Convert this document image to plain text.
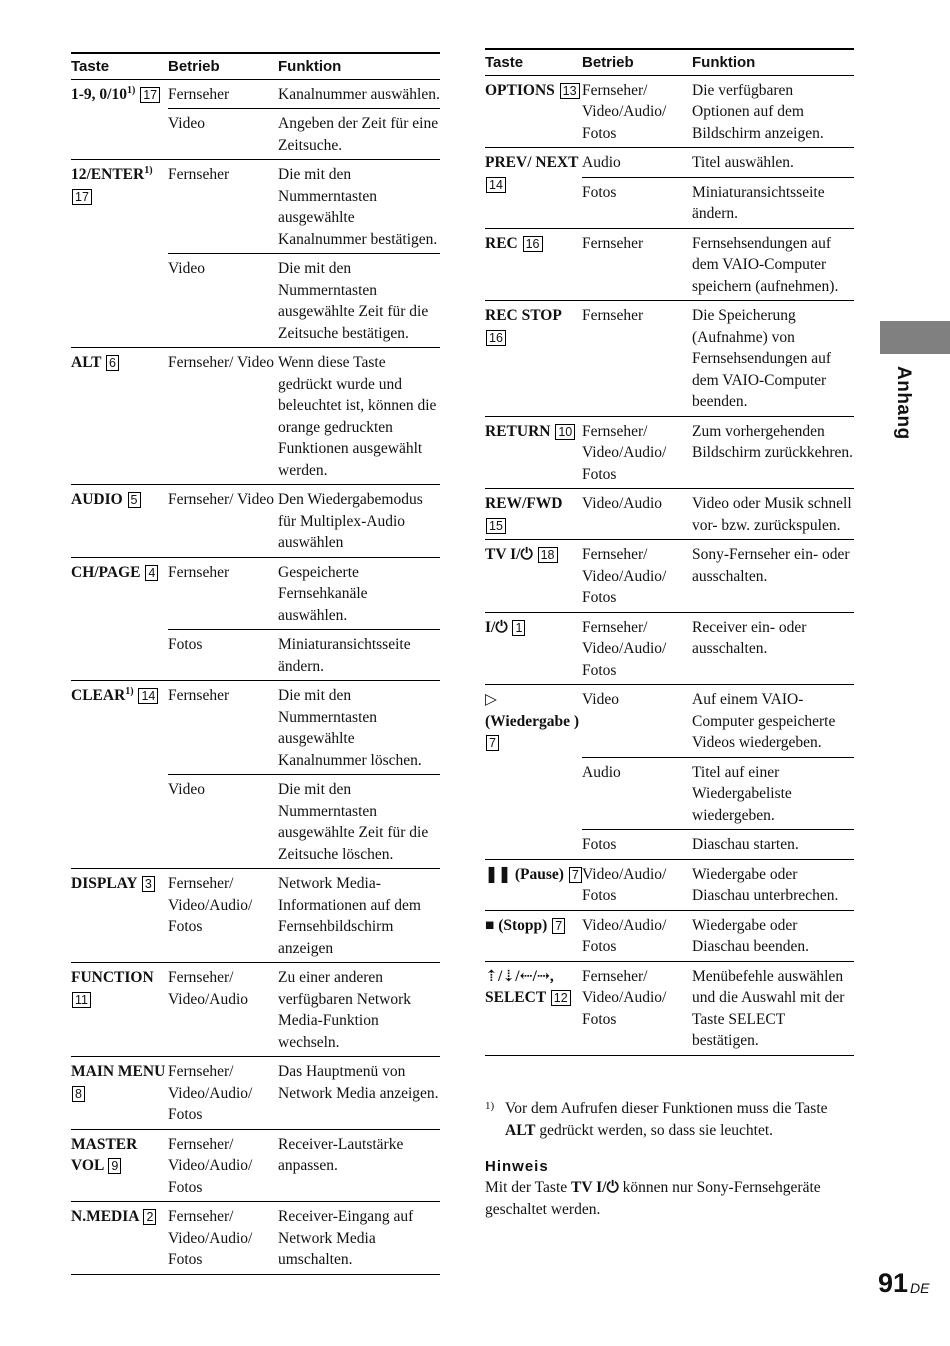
Taste	Betrieb	Funktion
1-9, 0/10$^{1)}$ 17	Fernseher	Kanalnummer auswählen.
	Video	Angeben der Zeit für eine Zeitsuche.
12/ENTER$^{1)}$ 17	Fernseher	Die mit den Nummerntasten ausgewählte Kanalnummer bestätigen.
	Video	Die mit den Nummerntasten ausgewählte Zeit für die Zeitsuche bestätigen.
ALT 6	Fernseher/ Video	Wenn diese Taste gedrückt wurde und beleuchtet ist, können die orange gedruckten Funktionen ausgewählt werden.
AUDIO 5	Fernseher/ Video	Den Wiedergabemodus für Multiplex-Audio auswählen
CH/PAGE 4	Fernseher	Gespeicherte Fernsehkanäle auswählen.
	Fotos	Miniaturansichtsseite ändern.
CLEAR$^{1)}$ 14	Fernseher	Die mit den Nummerntasten ausgewählte Kanalnummer löschen.
	Video	Die mit den Nummerntasten ausgewählte Zeit für die Zeitsuche löschen.
DISPLAY 3	Fernseher/ Video/Audio/ Fotos	Network Media-Informationen auf dem Fernsehbildschirm anzeigen
FUNCTION 11	Fernseher/ Video/Audio	Zu einer anderen verfügbaren Network Media-Funktion wechseln.
MAIN MENU 8	Fernseher/ Video/Audio/ Fotos	Das Hauptmenü von Network Media anzeigen.
MASTER VOL 9	Fernseher/ Video/Audio/ Fotos	Receiver-Lautstärke anpassen.
N.MEDIA 2	Fernseher/ Video/Audio/ Fotos	Receiver-Eingang auf Network Media umschalten.
Taste	Betrieb	Funktion
OPTIONS 13	Fernseher/ Video/Audio/ Fotos	Die verfügbaren Optionen auf dem Bildschirm anzeigen.
PREV/ NEXT 14	Audio	Titel auswählen.
	Fotos	Miniaturansichtsseite ändern.
REC 16	Fernseher	Fernsehsendungen auf dem VAIO-Computer speichern (aufnehmen).
REC STOP 16	Fernseher	Die Speicherung (Aufnahme) von Fernsehsendungen auf dem VAIO-Computer beenden.
RETURN 10	Fernseher/ Video/Audio/ Fotos	Zum vorhergehenden Bildschirm zurückkehren.
REW/FWD 15	Video/Audio	Video oder Musik schnell vor- bzw. zurückspulen.
TV I/⏻ 18	Fernseher/ Video/Audio/ Fotos	Sony-Fernseher ein- oder ausschalten.
I/⏻ 1	Fernseher/ Video/Audio/ Fotos	Receiver ein- oder ausschalten.
▷ (Wiedergabe ) 7	Video	Auf einem VAIO-Computer gespeicherte Videos wiedergeben.
	Audio	Titel auf einer Wiedergabeliste wiedergeben.
	Fotos	Diaschau starten.
❚❚ (Pause) 7	Video/Audio/ Fotos	Wiedergabe oder Diaschau unterbrechen.
■ (Stopp) 7	Video/Audio/ Fotos	Wiedergabe oder Diaschau beenden.
⇡/⇣/⇠/⇢, SELECT 12	Fernseher/ Video/Audio/ Fotos	Menübefehle auswählen und die Auswahl mit der Taste SELECT bestätigen.
1) Vor dem Aufrufen dieser Funktionen muss die Taste ALT gedrückt werden, so dass sie leuchtet.
Hinweis
Mit der Taste TV I/⏻ können nur Sony-Fernsehgeräte geschaltet werden.
Anhang
91 DE
